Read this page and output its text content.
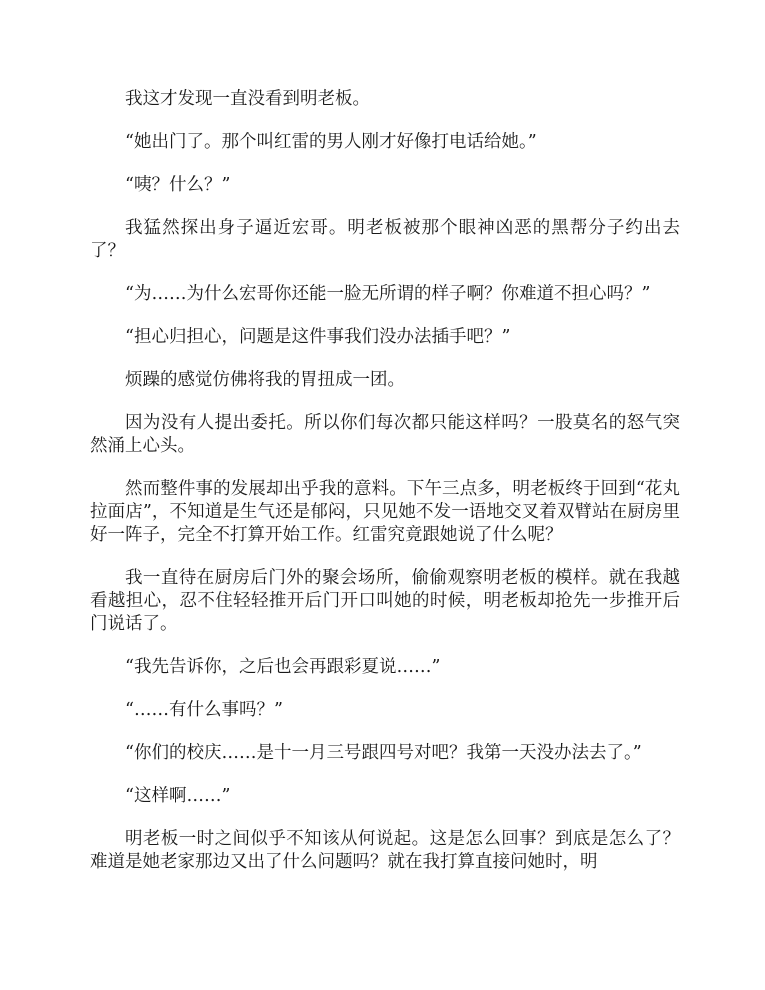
我这才发现一直没看到明老板。

“她出门了。那个叫红雷的男人刚才好像打电话给她。”

“咦？什么？”

我猛然探出身子逼近宏哥。明老板被那个眼神凶恶的黑帮分子约出去了？

“为……为什么宏哥你还能一脸无所谓的样子啊？你难道不担心吗？”

“担心归担心，问题是这件事我们没办法插手吧？”

烦躁的感觉仿佛将我的胃扭成一团。

因为没有人提出委托。所以你们每次都只能这样吗？一股莫名的怒气突然涌上心头。

然而整件事的发展却出乎我的意料。下午三点多，明老板终于回到“花丸拉面店”，不知道是生气还是郁闷，只见她不发一语地交叉着双臂站在厨房里好一阵子，完全不打算开始工作。红雷究竟跟她说了什么呢？

我一直待在厨房后门外的聚会场所，偷偷观察明老板的模样。就在我越看越担心，忍不住轻轻推开后门开口叫她的时候，明老板却抢先一步推开后门说话了。

“我先告诉你，之后也会再跟彩夏说……”

“……有什么事吗？”

“你们的校庆……是十一月三号跟四号对吧？我第一天没办法去了。”

“这样啊……”

明老板一时之间似乎不知该从何说起。这是怎么回事？到底是怎么了？难道是她老家那边又出了什么问题吗？就在我打算直接问她时，明
